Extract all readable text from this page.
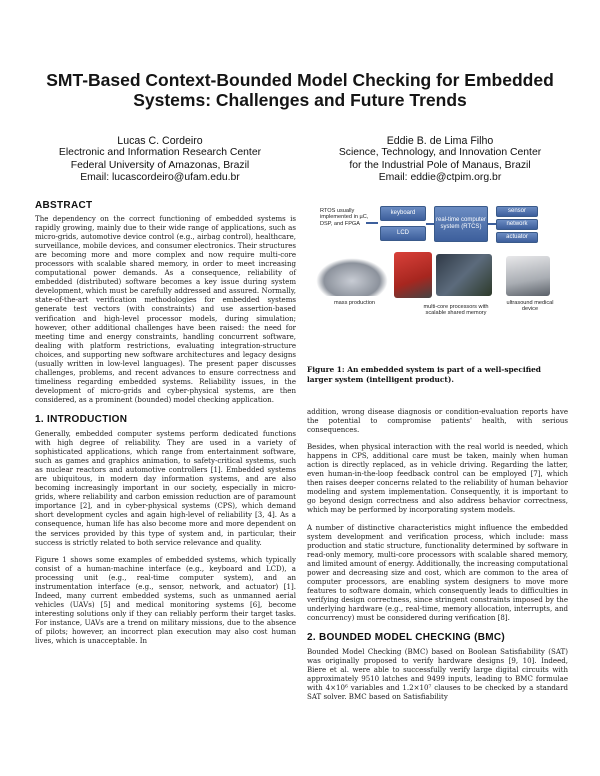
SMT-Based Context-Bounded Model Checking for Embedded
Systems: Challenges and Future Trends
Lucas C. Cordeiro
Electronic and Information Research Center
Federal University of Amazonas, Brazil
Email: lucascordeiro@ufam.edu.br
Eddie B. de Lima Filho
Science, Technology, and Innovation Center
for the Industrial Pole of Manaus, Brazil
Email: eddie@ctpim.org.br
ABSTRACT
The dependency on the correct functioning of embedded systems is rapidly growing, mainly due to their wide range of applications, such as micro-grids, automotive device control (e.g., airbag control), healthcare, surveillance, mobile devices, and consumer electronics. Their structures are becoming more and more complex and now require multi-core processors with scalable shared memory, in order to meet increasing computational power demands. As a consequence, reliability of embedded (distributed) software becomes a key issue during system development, which must be carefully addressed and assured. Normally, state-of-the-art verification methodologies for embedded systems generate test vectors (with constraints) and use assertion-based verification and high-level processor models, during simulation; however, other additional challenges have been raised: the need for meeting time and energy constraints, handling concurrent software, dealing with platform restrictions, evaluating integration-structure choices, and supporting new software architectures and legacy designs (usually written in low-level languages). The present paper discusses challenges, problems, and recent advances to ensure correctness and timeliness regarding embedded systems. Reliability issues, in the development of micro-grids and cyber-physical systems, are then considered, as a prominent (bounded) model checking application.
1. INTRODUCTION
Generally, embedded computer systems perform dedicated functions with high degree of reliability. They are used in a variety of sophisticated applications, which range from entertainment software, such as games and graphics animation, to safety-critical systems, such as nuclear reactors and automotive controllers [1]. Embedded systems are ubiquitous, in modern day information systems, and are also becoming increasingly important in our society, especially in micro-grids, where reliability and carbon emission reduction are of paramount importance [2], and in cyber-physical systems (CPS), which demand short development cycles and again high-level of reliability [3, 4]. As a consequence, human life has also become more and more dependent on the services provided by this type of system and, in particular, their success is strictly related to both service relevance and quality.
Figure 1 shows some examples of embedded systems, which typically consist of a human-machine interface (e.g., keyboard and LCD), a processing unit (e.g., real-time computer system), and an instrumentation interface (e.g., sensor, network, and actuator) [1]. Indeed, many current embedded systems, such as unmanned aerial vehicles (UAVs) [5] and medical monitoring systems [6], become interesting solutions only if they can reliably perform their target tasks. For instance, UAVs are a trend on military missions, due to the absence of pilots; however, an incorrect plan execution may also cost human lives, which is unacceptable. In
RTOS usually implemented in µC, DSP, and FPGA
keyboard
LCD
real-time computer system (RTCS)
sensor
network
actuator
mass production
multi-core processors with scalable shared memory
ultrasound medical device
Figure 1: An embedded system is part of a well-specified larger system (intelligent product).
addition, wrong disease diagnosis or condition-evaluation reports have the potential to compromise patients' health, with serious consequences.
Besides, when physical interaction with the real world is needed, which happens in CPS, additional care must be taken, mainly when human action is directly replaced, as in vehicle driving. Regarding the latter, even human-in-the-loop feedback control can be employed [7], which then raises deeper concerns related to the reliability of human behavior modeling and system implementation. Consequently, it is important to go beyond design correctness and also address behavior correctness, which may be performed by incorporating system models.
A number of distinctive characteristics might influence the embedded system development and verification process, which include: mass production and static structure, functionality determined by software in read-only memory, multi-core processors with scalable shared memory, and limited amount of energy. Additionally, the increasing computational power and decreasing size and cost, which are common to the area of computer processors, are enabling system designers to move more features to software domain, which consequently leads to difficulties in verifying design correctness, since stringent constraints imposed by the underlying hardware (e.g., real-time, memory allocation, interrupts, and concurrency) must be considered during verification [8].
2. BOUNDED MODEL CHECKING (BMC)
Bounded Model Checking (BMC) based on Boolean Satisfiability (SAT) was originally proposed to verify hardware designs [9, 10]. Indeed, Biere et al. were able to successfully verify large digital circuits with approximately 9510 latches and 9499 inputs, leading to BMC formulae with 4×10⁶ variables and 1.2×10⁷ clauses to be checked by a standard SAT solver. BMC based on Satisfiability
